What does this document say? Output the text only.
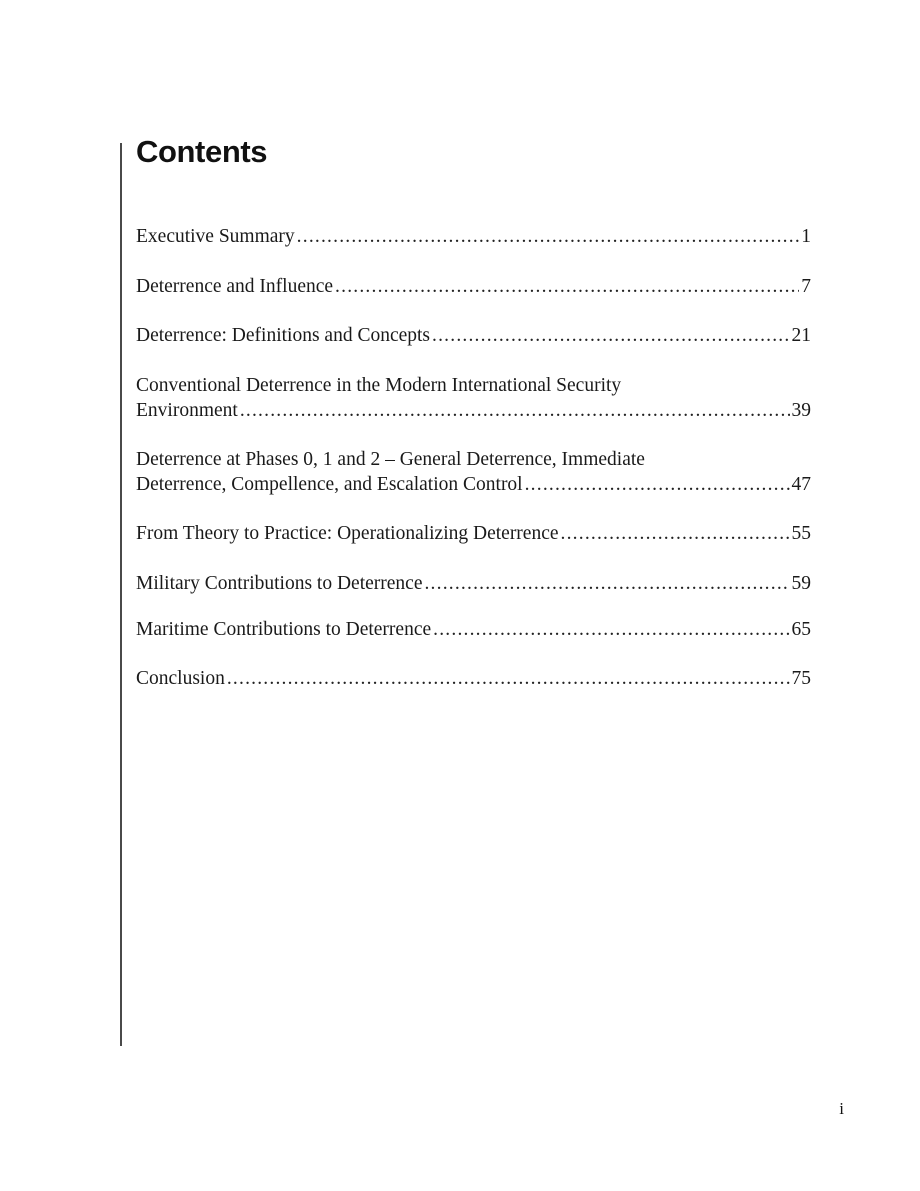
Contents
Executive Summary .....	1
Deterrence and Influence .....	7
Deterrence: Definitions and Concepts .....	21
Conventional Deterrence in the Modern International Security
Environment .....	39
Deterrence at Phases 0, 1 and 2 – General Deterrence, Immediate
Deterrence, Compellence, and Escalation Control .....	47
From Theory to Practice: Operationalizing Deterrence .....	55
Military Contributions to Deterrence .....	59
Maritime Contributions to Deterrence .....	65
Conclusion .....	75
i
